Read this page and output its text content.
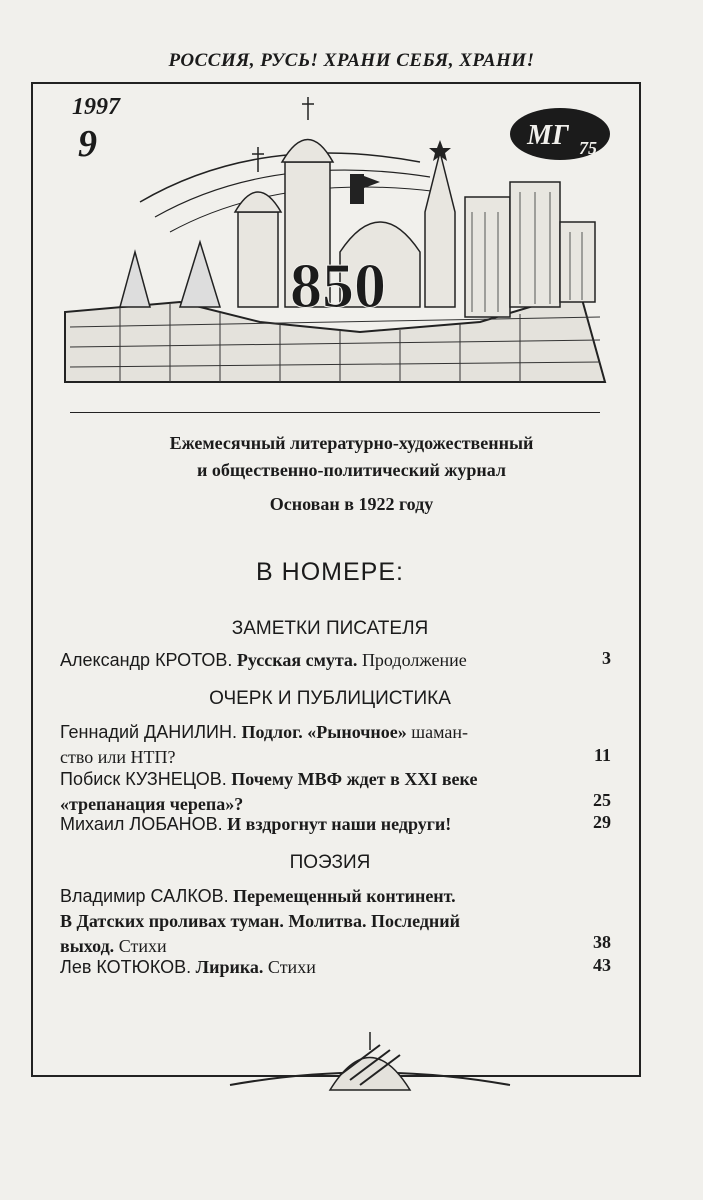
РОССИЯ, РУСЬ! ХРАНИ СЕБЯ, ХРАНИ!
850
МГ 75
1997
9
Ежемесячный литературно-художественный
и общественно-политический журнал
Основан в 1922 году
В НОМЕРЕ:
ЗАМЕТКИ ПИСАТЕЛЯ
Александр КРОТОВ. Русская смута. Продолжение	3
ОЧЕРК И ПУБЛИЦИСТИКА
Геннадий ДАНИЛИН. Подлог. «Рыночное» шаман-
ство или НТП?	11
Побиск КУЗНЕЦОВ. Почему МВФ ждет в XXI веке
«трепанация черепа»?	25
Михаил ЛОБАНОВ. И вздрогнут наши недруги!	29
ПОЭЗИЯ
Владимир САЛКОВ. Перемещенный континент.
В Датских проливах туман. Молитва. Последний
выход. Стихи	38
Лев КОТЮКОВ. Лирика. Стихи	43
